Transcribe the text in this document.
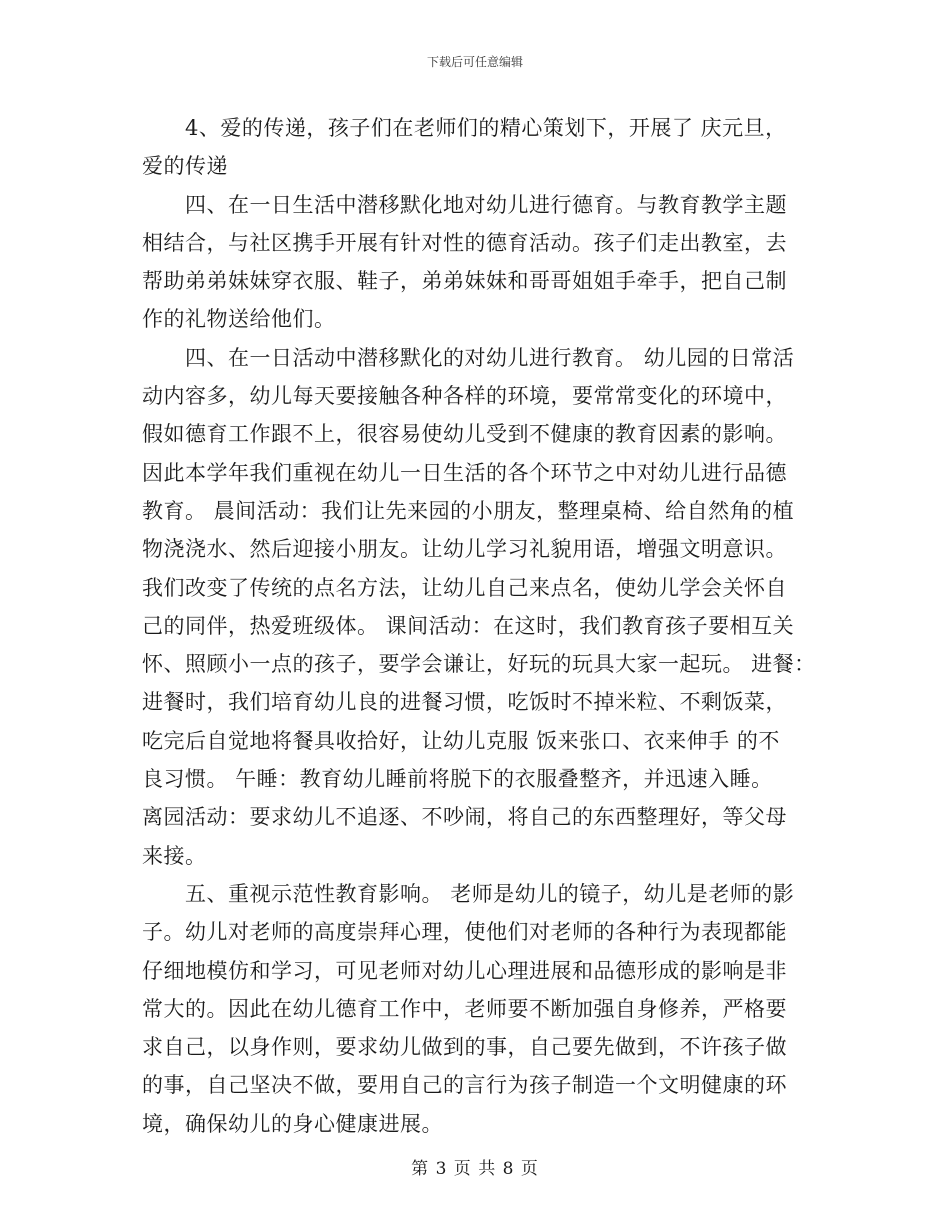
下载后可任意编辑

4、爱的传递，孩子们在老师们的精心策划下，开展了 庆元旦，
爱的传递

四、在一日生活中潜移默化地对幼儿进行德育。与教育教学主题
相结合，与社区携手开展有针对性的德育活动。孩子们走出教室，去
帮助弟弟妹妹穿衣服、鞋子，弟弟妹妹和哥哥姐姐手牵手，把自己制
作的礼物送给他们。

四、在一日活动中潜移默化的对幼儿进行教育。 幼儿园的日常活
动内容多，幼儿每天要接触各种各样的环境，要常常变化的环境中，
假如德育工作跟不上，很容易使幼儿受到不健康的教育因素的影响。
因此本学年我们重视在幼儿一日生活的各个环节之中对幼儿进行品德
教育。 晨间活动：我们让先来园的小朋友，整理桌椅、给自然角的植
物浇浇水、然后迎接小朋友。让幼儿学习礼貌用语，增强文明意识。
我们改变了传统的点名方法，让幼儿自己来点名，使幼儿学会关怀自
己的同伴，热爱班级体。 课间活动：在这时，我们教育孩子要相互关
怀、照顾小一点的孩子，要学会谦让，好玩的玩具大家一起玩。 进餐：
进餐时，我们培育幼儿良的进餐习惯，吃饭时不掉米粒、不剩饭菜，
吃完后自觉地将餐具收拾好，让幼儿克服 饭来张口、衣来伸手 的不
良习惯。 午睡：教育幼儿睡前将脱下的衣服叠整齐，并迅速入睡。
离园活动：要求幼儿不追逐、不吵闹，将自己的东西整理好，等父母
来接。

五、重视示范性教育影响。 老师是幼儿的镜子，幼儿是老师的影
子。幼儿对老师的高度崇拜心理，使他们对老师的各种行为表现都能
仔细地模仿和学习，可见老师对幼儿心理进展和品德形成的影响是非
常大的。因此在幼儿德育工作中，老师要不断加强自身修养，严格要
求自己，以身作则，要求幼儿做到的事，自己要先做到，不许孩子做
的事，自己坚决不做，要用自己的言行为孩子制造一个文明健康的环
境，确保幼儿的身心健康进展。

第 3 页 共 8 页
